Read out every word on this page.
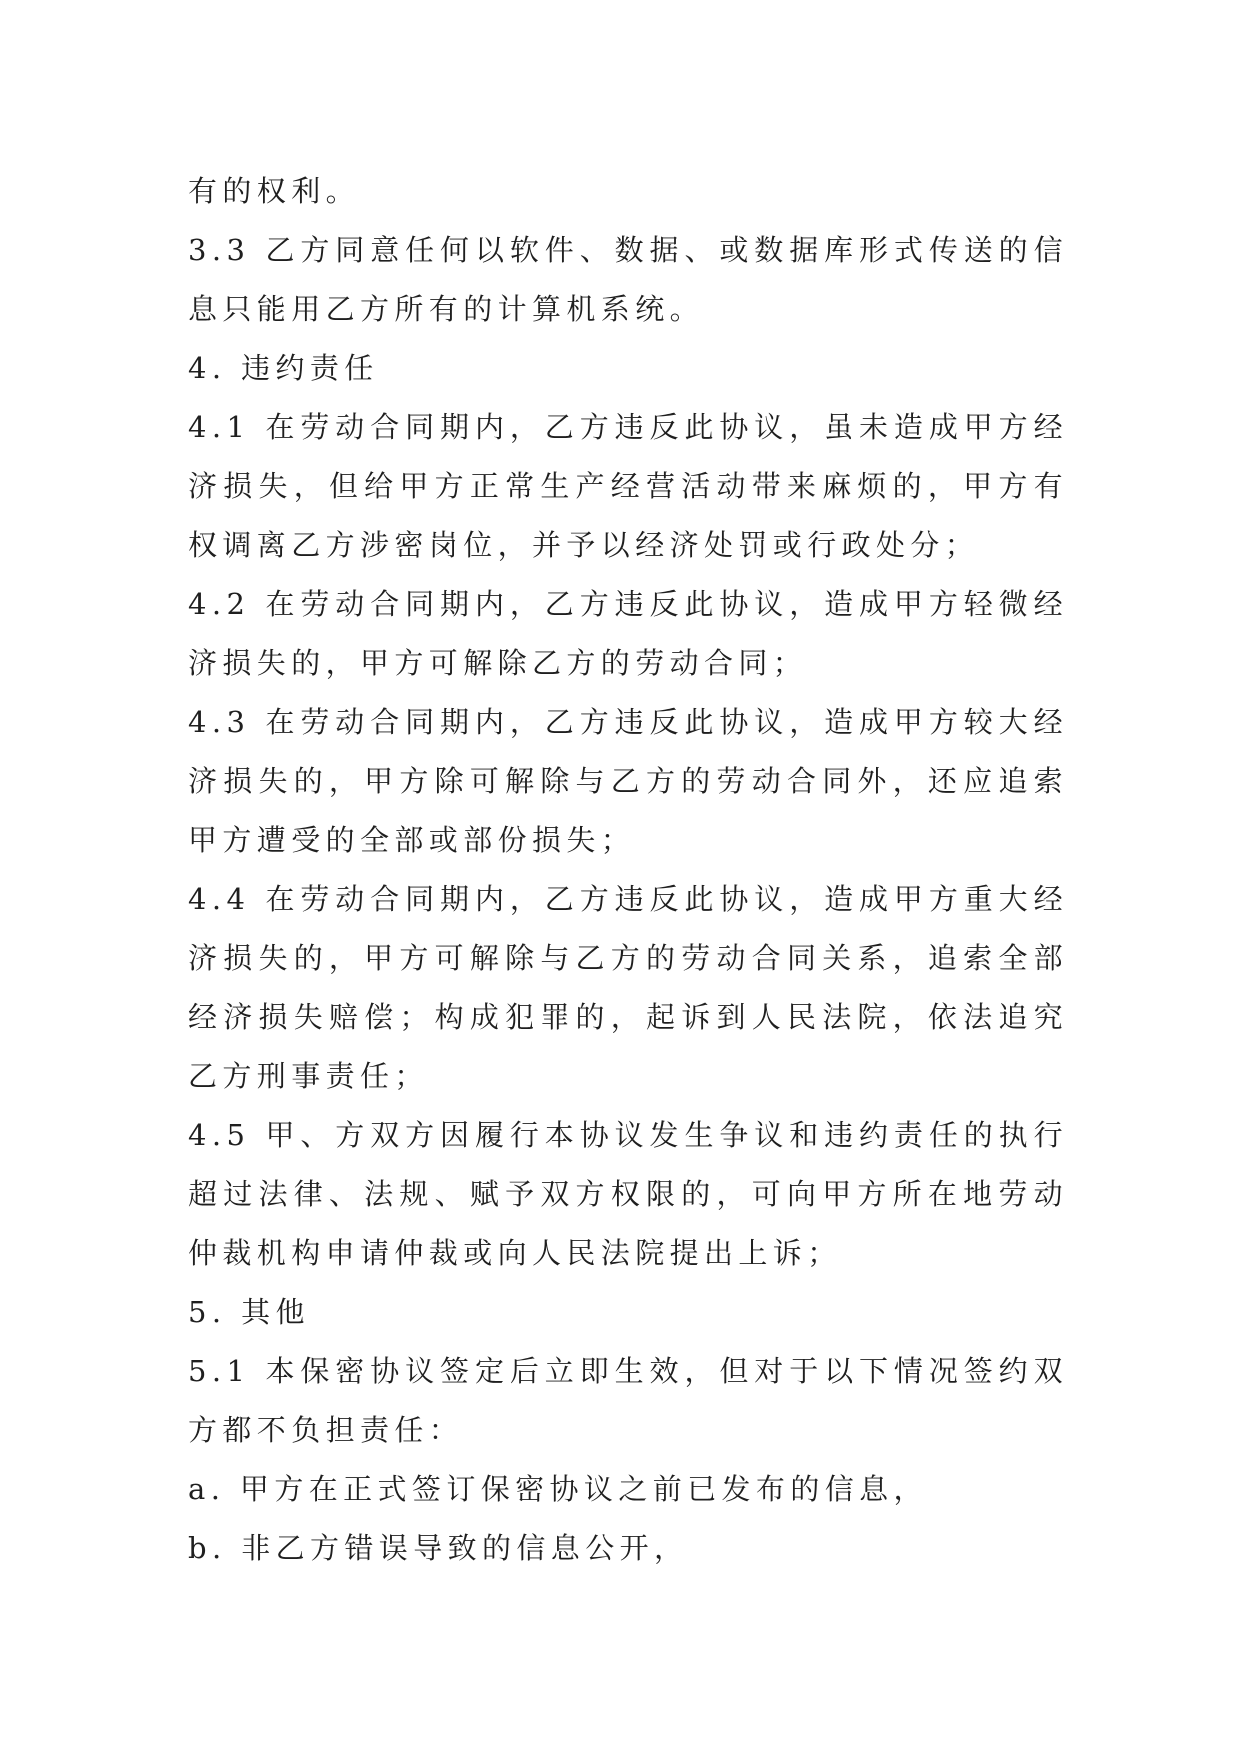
有的权利。

3.3 乙方同意任何以软件、数据、或数据库形式传送的信息只能用乙方所有的计算机系统。

4. 违约责任

4.1 在劳动合同期内，乙方违反此协议，虽未造成甲方经济损失，但给甲方正常生产经营活动带来麻烦的，甲方有权调离乙方涉密岗位，并予以经济处罚或行政处分；

4.2 在劳动合同期内，乙方违反此协议，造成甲方轻微经济损失的，甲方可解除乙方的劳动合同；

4.3 在劳动合同期内，乙方违反此协议，造成甲方较大经济损失的，甲方除可解除与乙方的劳动合同外，还应追索甲方遭受的全部或部份损失；

4.4 在劳动合同期内，乙方违反此协议，造成甲方重大经济损失的，甲方可解除与乙方的劳动合同关系，追索全部经济损失赔偿；构成犯罪的，起诉到人民法院，依法追究乙方刑事责任；

4.5 甲、方双方因履行本协议发生争议和违约责任的执行超过法律、法规、赋予双方权限的，可向甲方所在地劳动仲裁机构申请仲裁或向人民法院提出上诉；

5. 其他

5.1 本保密协议签定后立即生效，但对于以下情况签约双方都不负担责任：

a. 甲方在正式签订保密协议之前已发布的信息，

b. 非乙方错误导致的信息公开，
